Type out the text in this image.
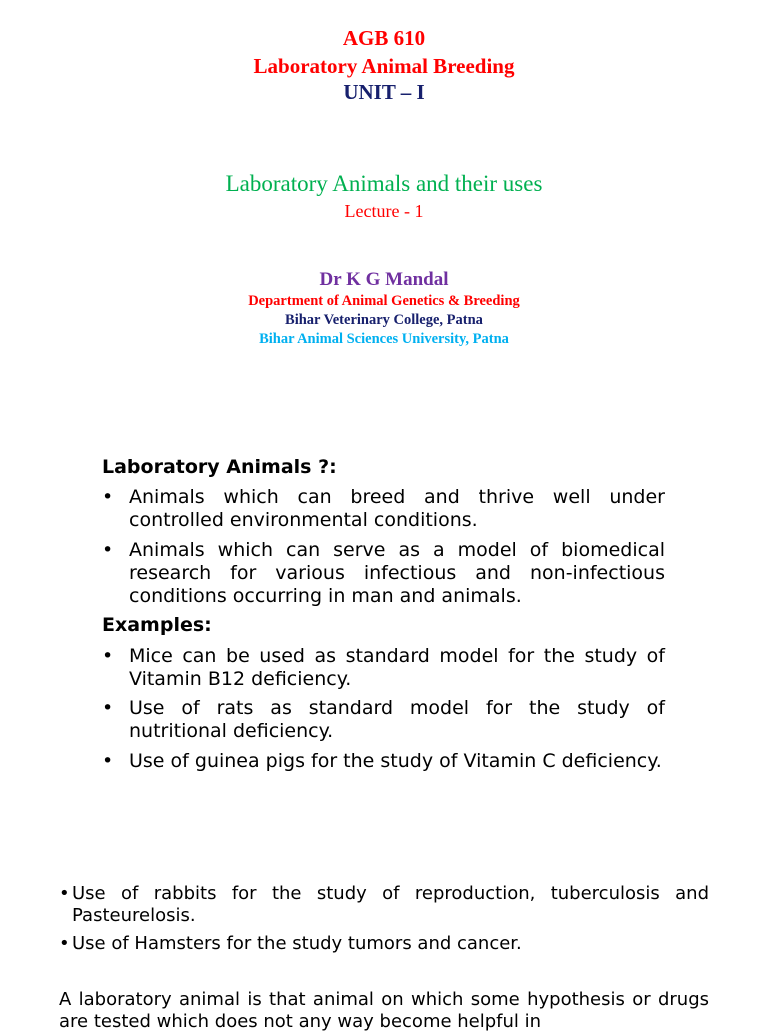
AGB 610
Laboratory Animal Breeding
UNIT – I
Laboratory Animals and their uses
Lecture - 1
Dr K G Mandal
Department of Animal Genetics & Breeding
Bihar Veterinary College, Patna
Bihar Animal Sciences University, Patna
Laboratory Animals ?:
• Animals which can breed and thrive well under controlled environmental conditions.
• Animals which can serve as a model of biomedical research for various infectious and non-infectious conditions occurring in man and animals.
Examples:
• Mice can be used as standard model for the study of Vitamin B12 deficiency.
• Use of rats as standard model for the study of nutritional deficiency.
• Use of guinea pigs for the study of Vitamin C deficiency.
• Use of rabbits for the study of reproduction, tuberculosis and Pasteurelosis.
• Use of Hamsters for the study tumors and cancer.
A laboratory animal is that animal on which some hypothesis or drugs are tested which does not any way become helpful in
